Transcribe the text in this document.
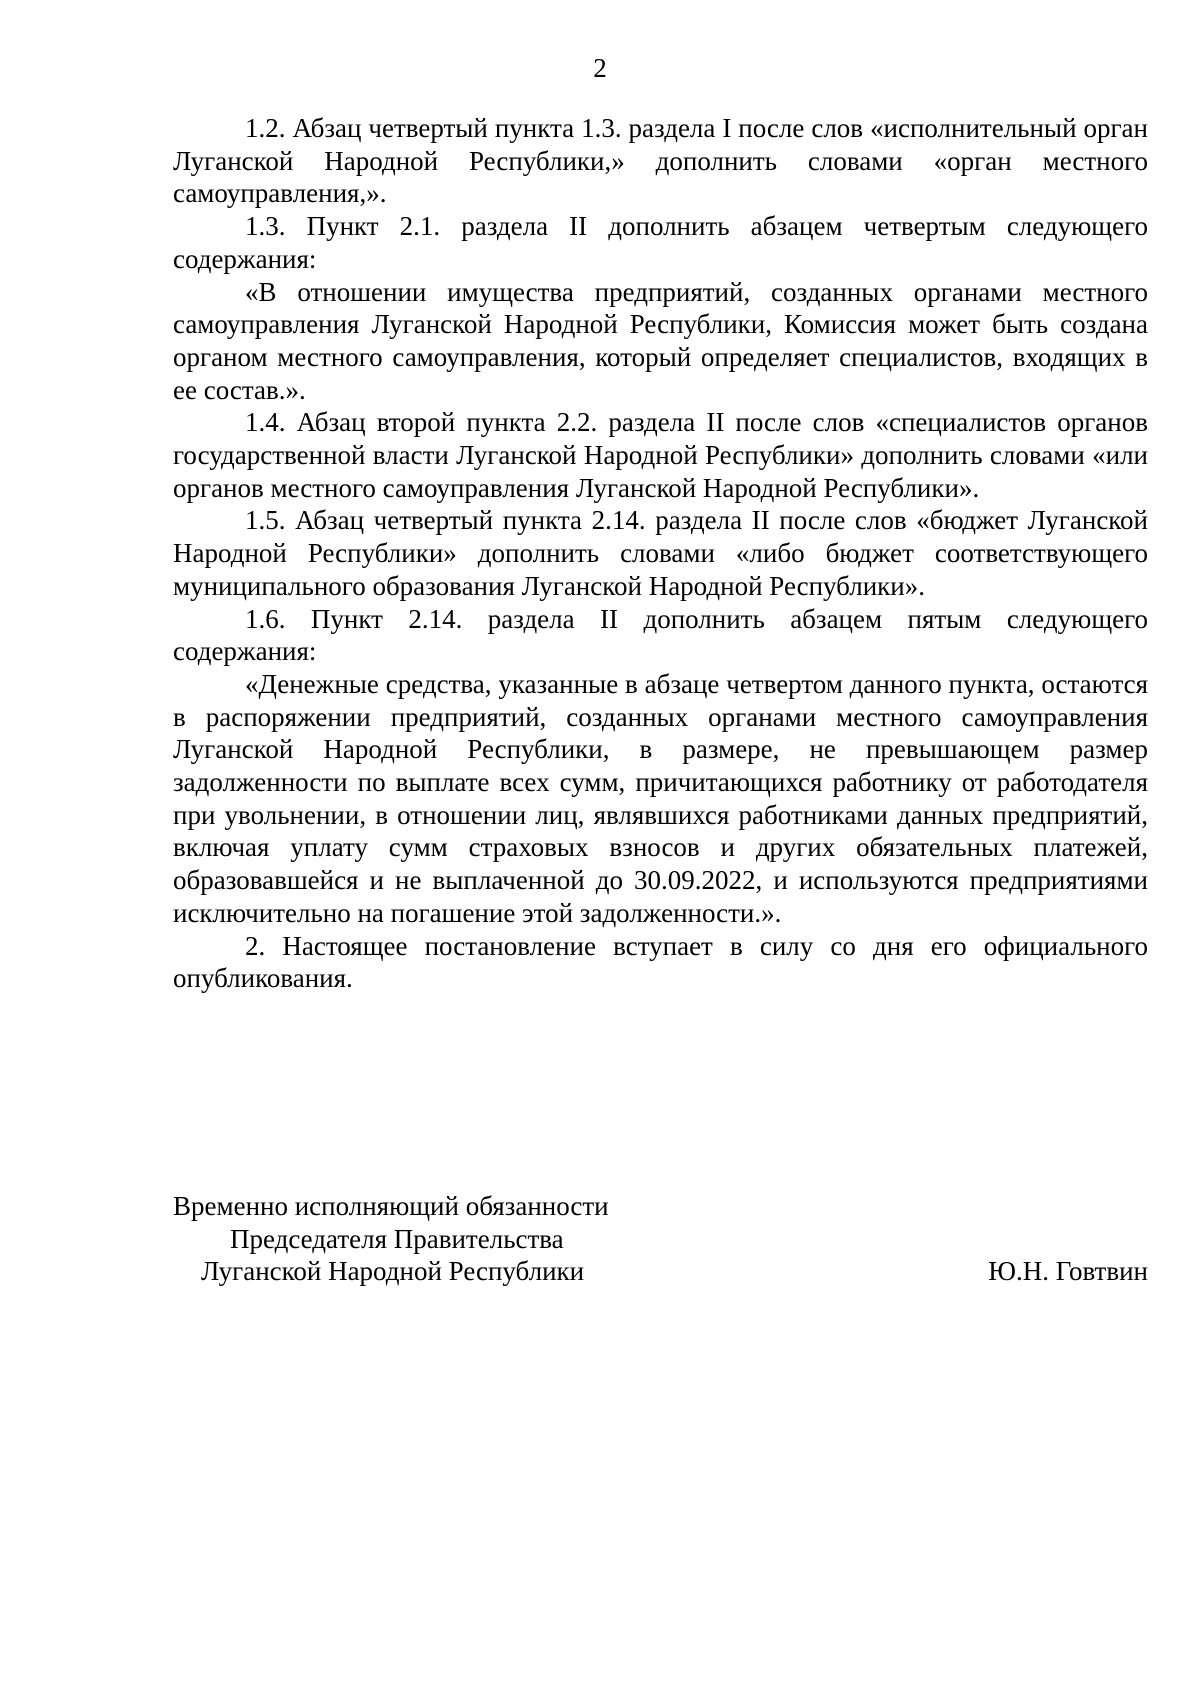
2

1.2. Абзац четвертый пункта 1.3. раздела I после слов «исполнительный орган Луганской Народной Республики,» дополнить словами «орган местного самоуправления,».

1.3. Пункт 2.1. раздела II дополнить абзацем четвертым следующего содержания:

«В отношении имущества предприятий, созданных органами местного самоуправления Луганской Народной Республики, Комиссия может быть создана органом местного самоуправления, который определяет специалистов, входящих в ее состав.».

1.4. Абзац второй пункта 2.2. раздела II после слов «специалистов органов государственной власти Луганской Народной Республики» дополнить словами «или органов местного самоуправления Луганской Народной Республики».

1.5. Абзац четвертый пункта 2.14. раздела II после слов «бюджет Луганской Народной Республики» дополнить словами «либо бюджет соответствующего муниципального образования Луганской Народной Республики».

1.6. Пункт 2.14. раздела II дополнить абзацем пятым следующего содержания:

«Денежные средства, указанные в абзаце четвертом данного пункта, остаются в распоряжении предприятий, созданных органами местного самоуправления Луганской Народной Республики, в размере, не превышающем размер задолженности по выплате всех сумм, причитающихся работнику от работодателя при увольнении, в отношении лиц, являвшихся работниками данных предприятий, включая уплату сумм страховых взносов и других обязательных платежей, образовавшейся и не выплаченной до 30.09.2022, и используются предприятиями исключительно на погашение этой задолженности.».

2. Настоящее постановление вступает в силу со дня его официального опубликования.

Временно исполняющий обязанности
Председателя Правительства
Луганской Народной Республики	Ю.Н. Говтвин
